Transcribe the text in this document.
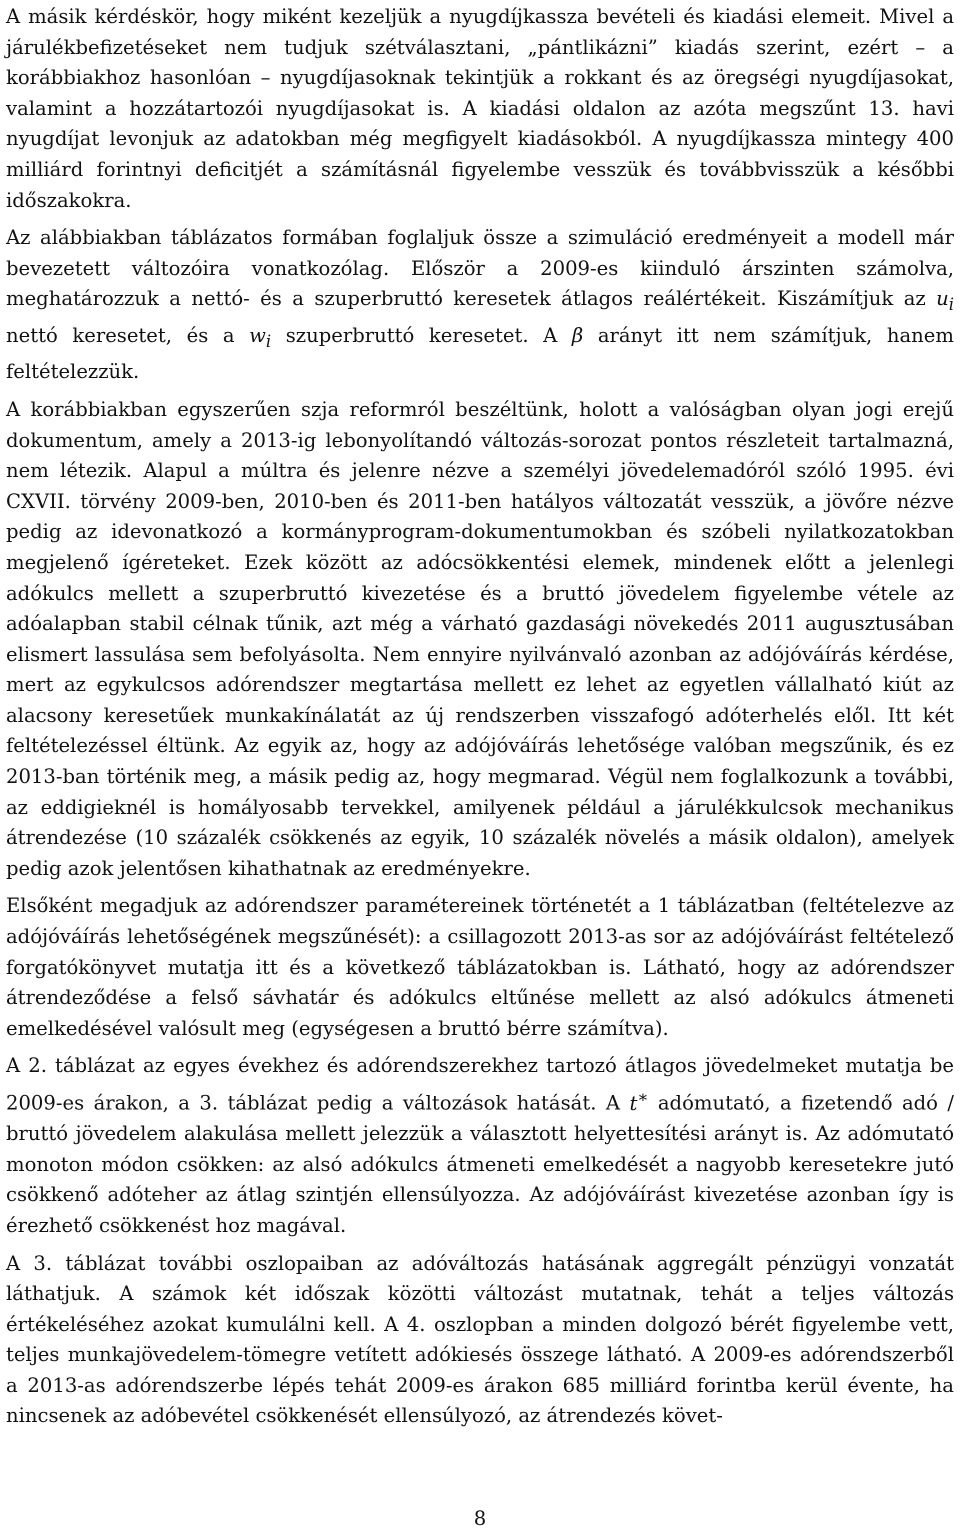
A másik kérdéskör, hogy miként kezeljük a nyugdíjkassza bevételi és kiadási elemeit. Mivel a járulékbefizetéseket nem tudjuk szétválasztani, „pántlikázni” kiadás szerint, ezért – a korábbiakhoz hasonlóan – nyugdíjasoknak tekintjük a rokkant és az öregségi nyugdíjasokat, valamint a hozzátartozói nyugdíjasokat is. A kiadási oldalon az azóta megszűnt 13. havi nyugdíjat levonjuk az adatokban még megfigyelt kiadásokból. A nyugdíjkassza mintegy 400 milliárd forintnyi deficitjét a számításnál figyelembe vesszük és továbbvisszük a későbbi időszakokra.

Az alábbiakban táblázatos formában foglaljuk össze a szimuláció eredményeit a modell már bevezetett változóira vonatkozólag. Először a 2009-es kiinduló árszinten számolva, meghatározzuk a nettó- és a szuperbruttó keresetek átlagos reálértékeit. Kiszámítjuk az $u_i$ nettó keresetet, és a $w_i$ szuperbruttó keresetet. A β arányt itt nem számítjuk, hanem feltételezzük.

A korábbiakban egyszerűen szja reformról beszéltünk, holott a valóságban olyan jogi erejű dokumentum, amely a 2013-ig lebonyolítandó változás-sorozat pontos részleteit tartalmazná, nem létezik. Alapul a múltra és jelenre nézve a személyi jövedelemadóról szóló 1995. évi CXVII. törvény 2009-ben, 2010-ben és 2011-ben hatályos változatát vesszük, a jövőre nézve pedig az idevonatkozó a kormányprogram-dokumentumokban és szóbeli nyilatkozatokban megjelenő ígéreteket. Ezek között az adócsökkentési elemek, mindenek előtt a jelenlegi adókulcs mellett a szuperbruttó kivezetése és a bruttó jövedelem figyelembe vétele az adóalapban stabil célnak tűnik, azt még a várható gazdasági növekedés 2011 augusztusában elismert lassulása sem befolyásolta. Nem ennyire nyilvánvaló azonban az adójóváírás kérdése, mert az egykulcsos adórendszer megtartása mellett ez lehet az egyetlen vállalható kiút az alacsony keresetűek munkakínálatát az új rendszerben visszafogó adóterhelés elől. Itt két feltételezéssel éltünk. Az egyik az, hogy az adójóváírás lehetősége valóban megszűnik, és ez 2013-ban történik meg, a másik pedig az, hogy megmarad. Végül nem foglalkozunk a további, az eddigieknél is homályosabb tervekkel, amilyenek például a járulékkulcsok mechanikus átrendezése (10 százalék csökkenés az egyik, 10 százalék növelés a másik oldalon), amelyek pedig azok jelentősen kihathatnak az eredményekre.

Elsőként megadjuk az adórendszer paramétereinek történetét a 1 táblázatban (feltételezve az adójóváírás lehetőségének megszűnését): a csillagozott 2013-as sor az adójóváírást feltételező forgatókönyvet mutatja itt és a következő táblázatokban is. Látható, hogy az adórendszer átrendeződése a felső sávhatár és adókulcs eltűnése mellett az alsó adókulcs átmeneti emelkedésével valósult meg (egységesen a bruttó bérre számítva).

A 2. táblázat az egyes évekhez és adórendszerekhez tartozó átlagos jövedelmeket mutatja be 2009-es árakon, a 3. táblázat pedig a változások hatását. A t∗ adómutató, a fizetendő adó / bruttó jövedelem alakulása mellett jelezzük a választott helyettesítési arányt is. Az adómutató monoton módon csökken: az alsó adókulcs átmeneti emelkedését a nagyobb keresetekre jutó csökkenő adóteher az átlag szintjén ellensúlyozza. Az adójóváírást kivezetése azonban így is érezhető csökkenést hoz magával.

A 3. táblázat további oszlopaiban az adóváltozás hatásának aggregált pénzügyi vonzatát láthatjuk. A számok két időszak közötti változást mutatnak, tehát a teljes változás értékeléséhez azokat kumulálni kell. A 4. oszlopban a minden dolgozó bérét figyelembe vett, teljes munkajövedelem-tömegre vetített adókiesés összege látható. A 2009-es adórendszerből a 2013-as adórendszerbe lépés tehát 2009-es árakon 685 milliárd forintba kerül évente, ha nincsenek az adóbevétel csökkenését ellensúlyozó, az átrendezés követ-

8
